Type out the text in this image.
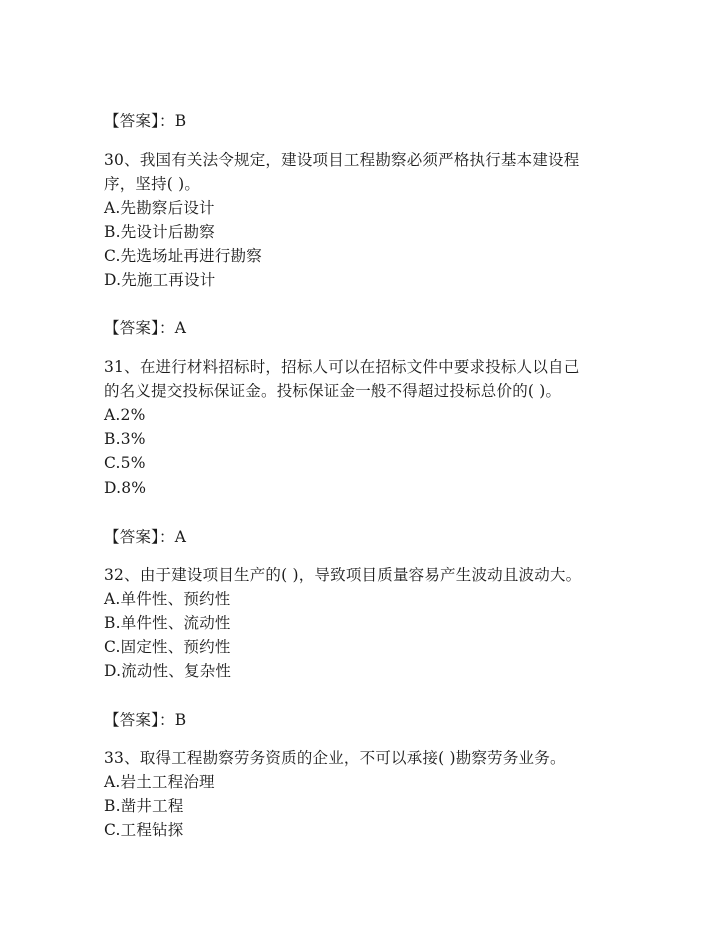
【答案】：B
30、我国有关法令规定，建设项目工程勘察必须严格执行基本建设程
序，坚持( )。
A.先勘察后设计
B.先设计后勘察
C.先选场址再进行勘察
D.先施工再设计
【答案】：A
31、在进行材料招标时，招标人可以在招标文件中要求投标人以自己
的名义提交投标保证金。投标保证金一般不得超过投标总价的( )。
A.2%
B.3%
C.5%
D.8%
【答案】：A
32、由于建设项目生产的( )，导致项目质量容易产生波动且波动大。
A.单件性、预约性
B.单件性、流动性
C.固定性、预约性
D.流动性、复杂性
【答案】：B
33、取得工程勘察劳务资质的企业，不可以承接( )勘察劳务业务。
A.岩土工程治理
B.凿井工程
C.工程钻探
